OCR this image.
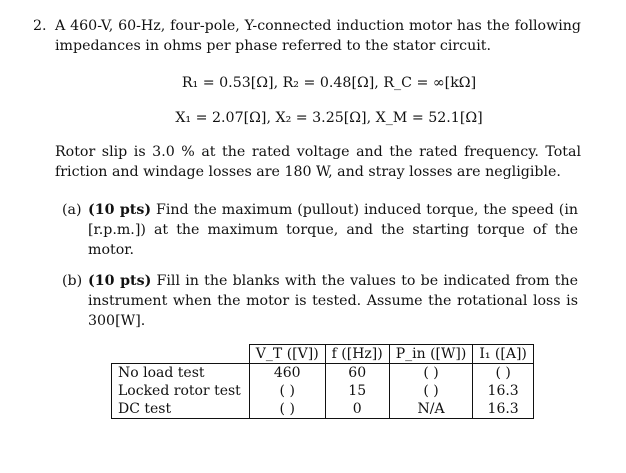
2. A 460-V, 60-Hz, four-pole, Y-connected induction motor has the following impedances in ohms per phase referred to the stator circuit.
R₁ = 0.53[Ω], R₂ = 0.48[Ω], R_C = ∞[kΩ]
X₁ = 2.07[Ω], X₂ = 3.25[Ω], X_M = 52.1[Ω]
Rotor slip is 3.0 % at the rated voltage and the rated frequency. Total friction and windage losses are 180 W, and stray losses are negligible.
(a) (10 pts) Find the maximum (pullout) induced torque, the speed (in [r.p.m.]) at the maximum torque, and the starting torque of the motor.
(b) (10 pts) Fill in the blanks with the values to be indicated from the instrument when the motor is tested. Assume the rotational loss is 300[W].
	V_T ([V])	f ([Hz])	P_in ([W])	I₁ ([A])
No load test	460	60	( )	( )
Locked rotor test	( )	15	( )	16.3
DC test	( )	0	N/A	16.3
